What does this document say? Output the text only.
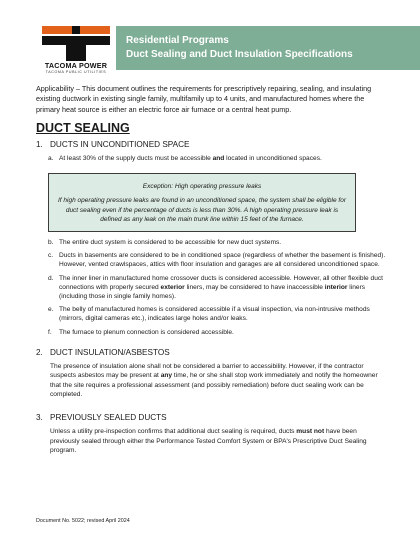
TACOMA POWER
TACOMA PUBLIC UTILITIES
Residential Programs
Duct Sealing and Duct Insulation Specifications

Applicability – This document outlines the requirements for prescriptively repairing, sealing, and insulating existing ductwork in existing single family, multifamily up to 4 units, and manufactured homes where the primary heat source is either an electric force air furnace or a central heat pump.

DUCT SEALING
1. DUCTS IN UNCONDITIONED SPACE
a. At least 30% of the supply ducts must be accessible and located in unconditioned spaces.
Exception: High operating pressure leaks
If high operating pressure leaks are found in an unconditioned space, the system shall be eligible for duct sealing even if the percentage of ducts is less than 30%. A high operating pressure leak is defined as any leak on the main trunk line within 15 feet of the furnace.
b. The entire duct system is considered to be accessible for new duct systems.
c. Ducts in basements are considered to be in conditioned space (regardless of whether the basement is finished). However, vented crawlspaces, attics with floor insulation and garages are all considered unconditioned space.
d. The inner liner in manufactured home crossover ducts is considered accessible. However, all other flexible duct connections with properly secured exterior liners, may be considered to have inaccessible interior liners (including those in single family homes).
e. The belly of manufactured homes is considered accessible if a visual inspection, via non-intrusive methods (mirrors, digital cameras etc.), indicates large holes and/or leaks.
f.	The furnace to plenum connection is considered accessible.
2. DUCT INSULATION/ASBESTOS

The presence of insulation alone shall not be considered a barrier to accessibility. However, if the contractor suspects asbestos may be present at any time, he or she shall stop work immediately and notify the homeowner that the site requires a professional assessment (and possibly remediation) before duct sealing work can be completed.

3. PREVIOUSLY SEALED DUCTS

Unless a utility pre-inspection confirms that additional duct sealing is required, ducts must not have been previously sealed through either the Performance Tested Comfort System or BPA's Prescriptive Duct Sealing program.

Document No. 5022; revised April 2024
